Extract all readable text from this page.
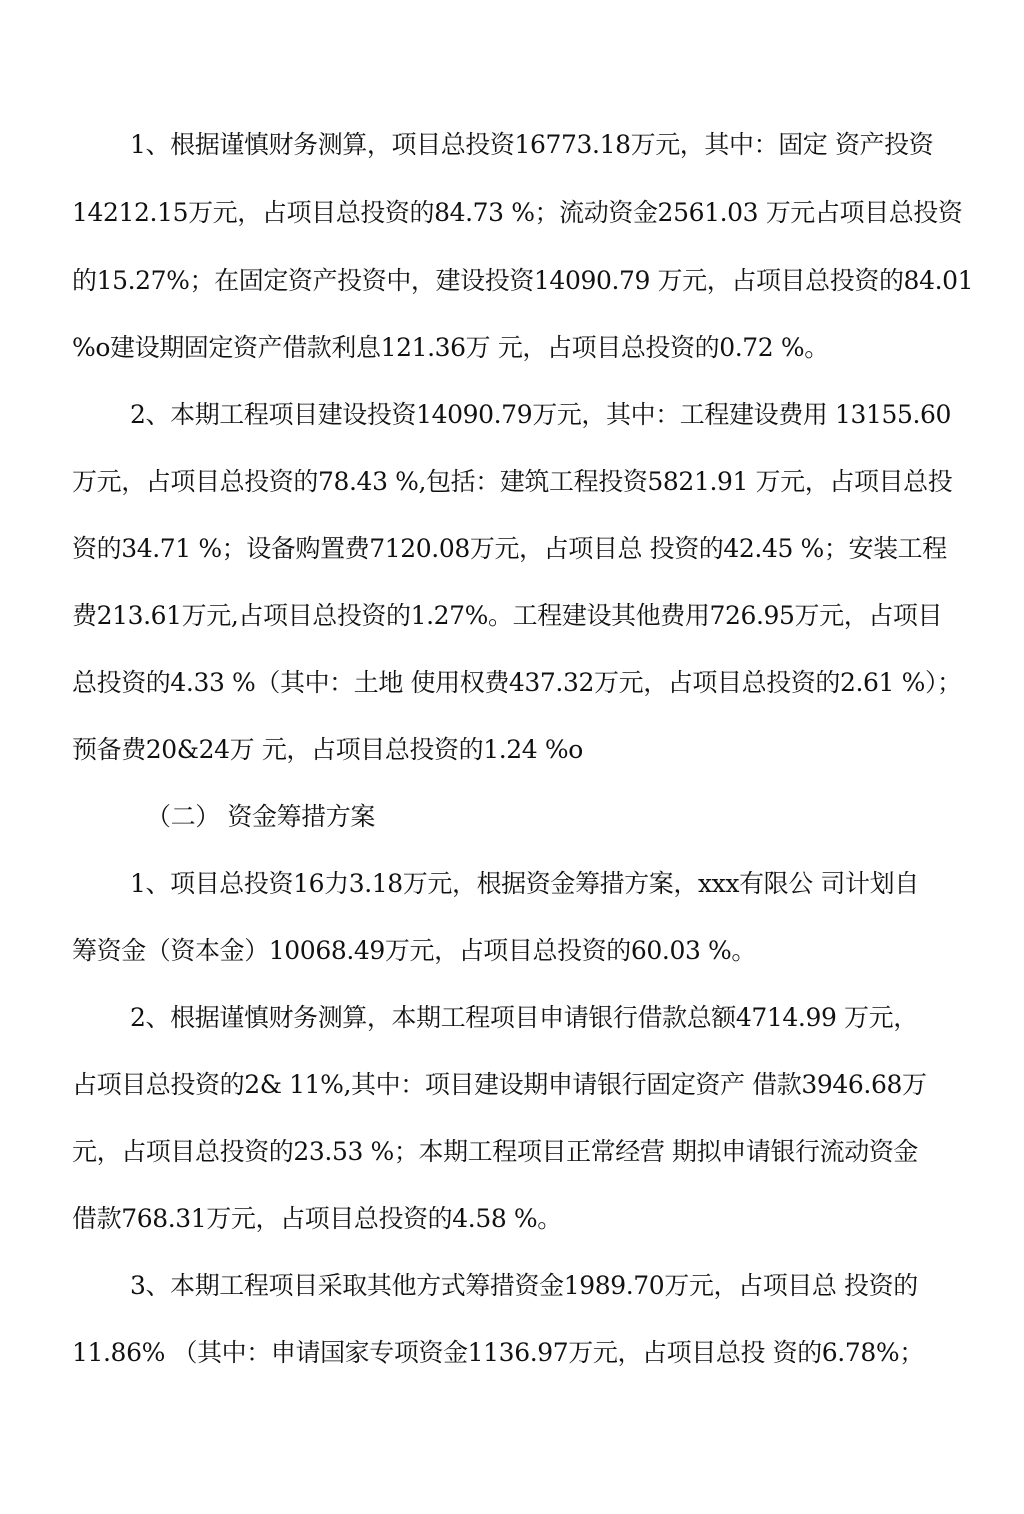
1、根据谨慎财务测算，项目总投资16773.18万元，其中：固定 资产投资
14212.15万元，占项目总投资的84.73 %；流动资金2561.03 万元占项目总投资
的15.27%；在固定资产投资中，建设投资14090.79 万元，占项目总投资的84.01
%o建设期固定资产借款利息121.36万 元，占项目总投资的0.72 %。
2、本期工程项目建设投资14090.79万元，其中：工程建设费用 13155.60
万元，占项目总投资的78.43 %,包括：建筑工程投资5821.91 万元，占项目总投
资的34.71 %；设备购置费7120.08万元，占项目总 投资的42.45 %；安装工程
费213.61万元,占项目总投资的1.27%。工程建设其他费用726.95万元，占项目
总投资的4.33 %（其中：土地 使用权费437.32万元，占项目总投资的2.61 %）；
预备费20&24万 元，占项目总投资的1.24 %o
（二） 资金筹措方案
1、项目总投资16力3.18万元，根据资金筹措方案，xxx有限公 司计划自
筹资金（资本金）10068.49万元，占项目总投资的60.03 %。
2、根据谨慎财务测算，本期工程项目申请银行借款总额4714.99 万元，
占项目总投资的2& 11%,其中：项目建设期申请银行固定资产 借款3946.68万
元，占项目总投资的23.53 %；本期工程项目正常经营 期拟申请银行流动资金
借款768.31万元，占项目总投资的4.58 %。
3、本期工程项目采取其他方式筹措资金1989.70万元，占项目总 投资的
11.86% （其中：申请国家专项资金1136.97万元，占项目总投 资的6.78%；
